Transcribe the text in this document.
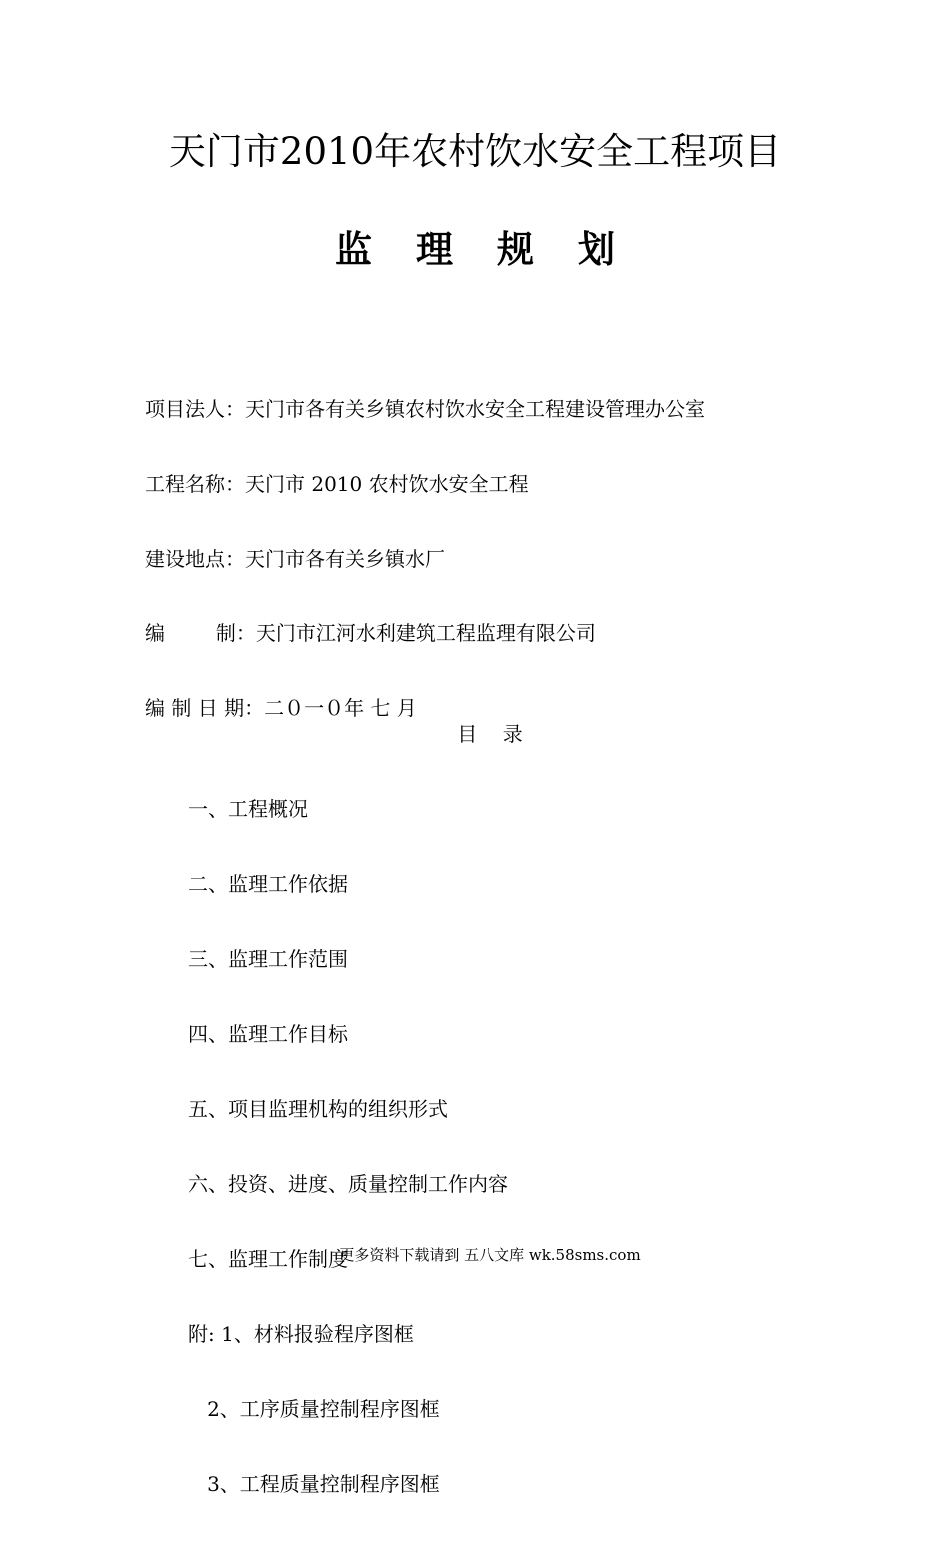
天门市2010年农村饮水安全工程项目
监 理 规 划

项目法人：天门市各有关乡镇农村饮水安全工程建设管理办公室

工程名称：天门市 2010 农村饮水安全工程

建设地点：天门市各有关乡镇水厂

编        制：天门市江河水利建筑工程监理有限公司

编 制 日 期：二０一０年 七 月

目    录

一、工程概况

二、监理工作依据

三、监理工作范围

四、监理工作目标

五、项目监理机构的组织形式

六、投资、进度、质量控制工作内容

七、监理工作制度

附: 1、材料报验程序图框

2、工序质量控制程序图框

3、工程质量控制程序图框

更多资料下载请到 五八文库 wk.58sms.com
